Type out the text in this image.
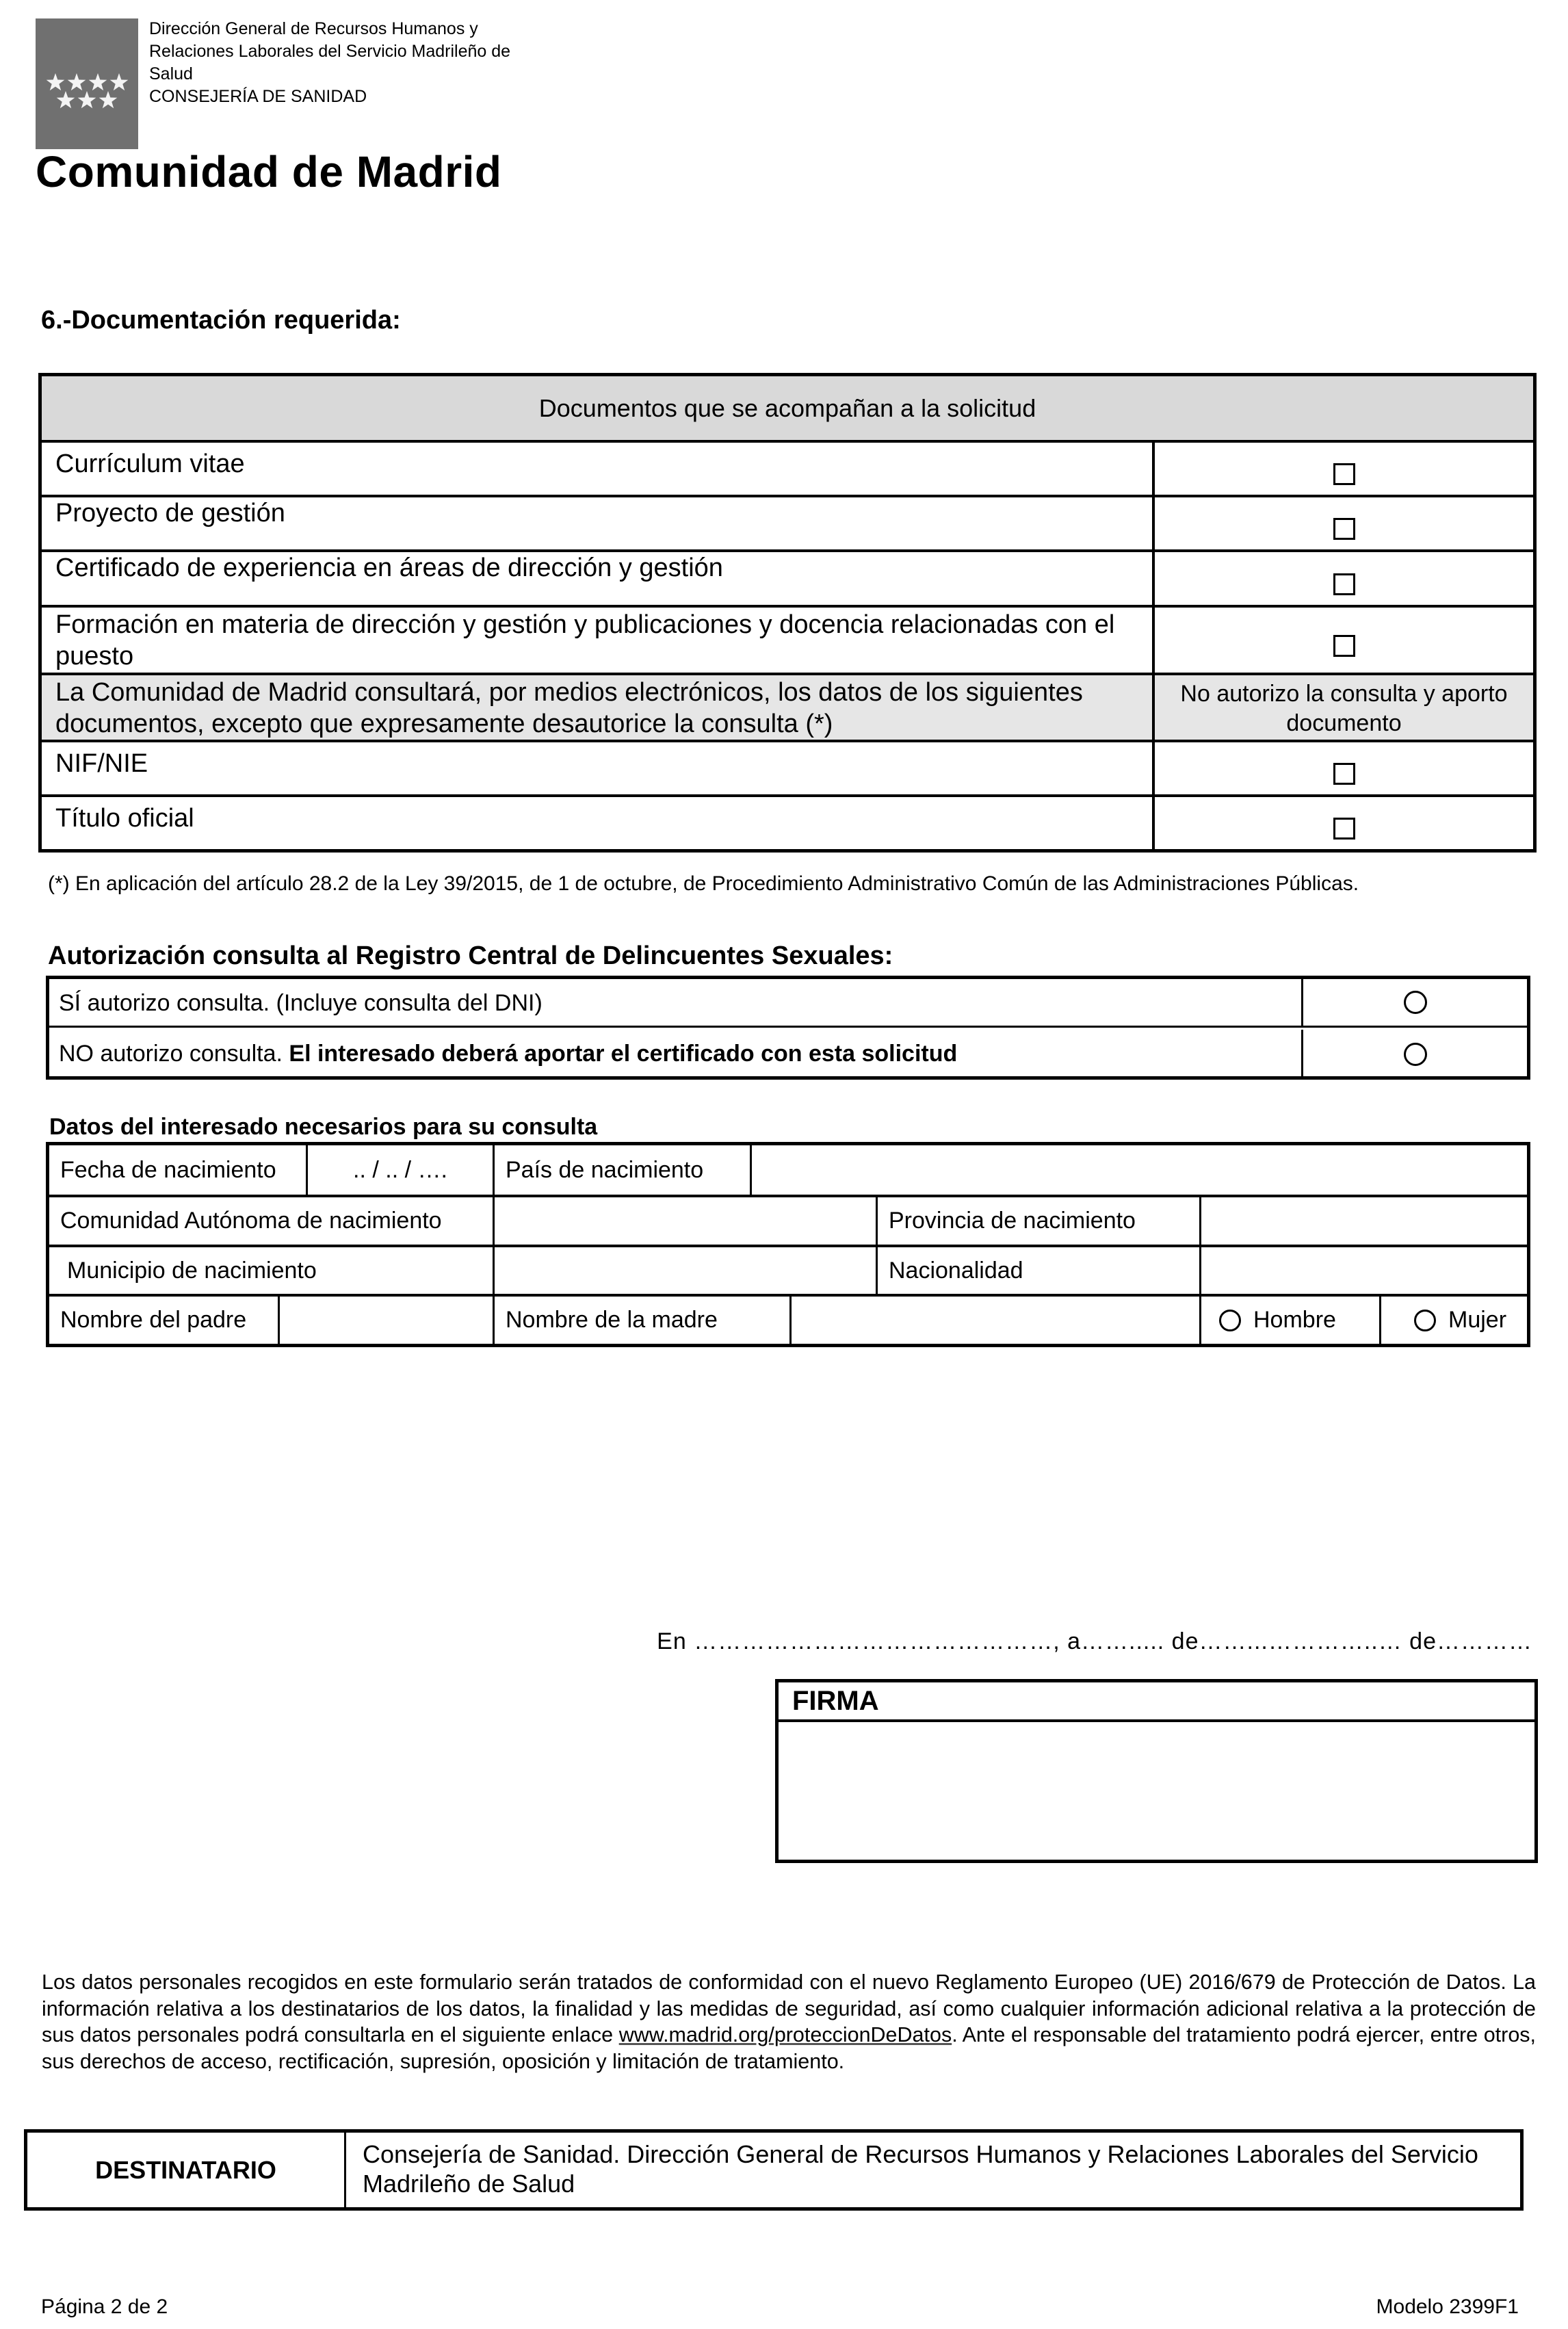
Dirección General de Recursos Humanos y
Relaciones Laborales del Servicio Madrileño de
Salud
CONSEJERÍA DE SANIDAD
Comunidad de Madrid
6.-Documentación requerida:
Documentos que se acompañan a la solicitud
Currículum vitae
Proyecto de gestión
Certificado de experiencia en áreas de dirección y gestión
Formación en materia de dirección y gestión y publicaciones y docencia relacionadas con el puesto
La Comunidad de Madrid consultará, por medios electrónicos, los datos de los siguientes documentos, excepto que expresamente desautorice la consulta (*)
No autorizo la consulta y aporto documento
NIF/NIE
Título oficial
(*) En aplicación del artículo 28.2 de la Ley 39/2015, de 1 de octubre, de Procedimiento Administrativo Común de las Administraciones Públicas.
Autorización consulta al Registro Central de Delincuentes Sexuales:
SÍ autorizo consulta. (Incluye consulta del DNI)
NO autorizo consulta. El interesado deberá aportar el certificado con esta solicitud
Datos del interesado necesarios para su consulta
Fecha de nacimiento	.. / .. / ….	País de nacimiento
Comunidad Autónoma de nacimiento	Provincia de nacimiento
Municipio de nacimiento	Nacionalidad
Nombre del padre	Nombre de la madre	Hombre	Mujer
En ………………………………………, a……..... de……...…………..… de…………
FIRMA
Los datos personales recogidos en este formulario serán tratados de conformidad con el nuevo Reglamento Europeo (UE) 2016/679 de Protección de Datos. La información relativa a los destinatarios de los datos, la finalidad y las medidas de seguridad, así como cualquier información adicional relativa a la protección de sus datos personales podrá consultarla en el siguiente enlace www.madrid.org/proteccionDeDatos. Ante el responsable del tratamiento podrá ejercer, entre otros, sus derechos de acceso, rectificación, supresión, oposición y limitación de tratamiento.
DESTINATARIO
Consejería de Sanidad. Dirección General de Recursos Humanos y Relaciones Laborales del Servicio Madrileño de Salud
Página 2 de 2	Modelo 2399F1
